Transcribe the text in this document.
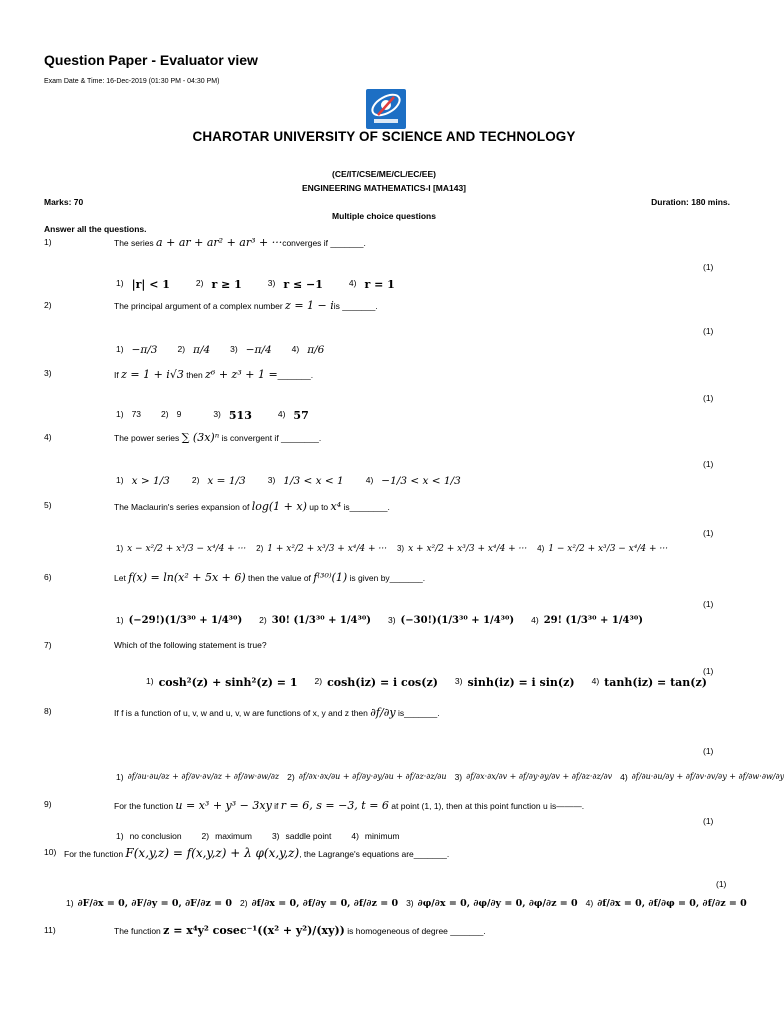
Question Paper - Evaluator view
Exam Date & Time: 16-Dec-2019 (01:30 PM - 04:30 PM)
CHAROTAR UNIVERSITY OF SCIENCE AND TECHNOLOGY
(CE/IT/CSE/ME/CL/EC/EE)
ENGINEERING MATHEMATICS-I [MA143]
Marks: 70	Duration: 180 mins.
Multiple choice questions
Answer all the questions.
1)	The series a + ar + ar² + ar³ + ···converges if _______.
(1)
1) |r| < 1	2) r ≥ 1	3) r ≤ −1	4) r = 1
2)	The principal argument of a complex number z = 1 − iis _______.
(1)
1) −π/3 2) π/4 3) −π/4 4) π/6
3)	If z = 1 + i√3 then z⁶ + z³ + 1 =_______.
(1)
1) 73 2) 9	3) 513	4) 57
4)	The power series ∑ (3x)ⁿ is convergent if ________.
(1)
1) x > 1/3	2) x = 1/3	3) 1/3 < x < 1	4) −1/3 < x < 1/3
5)	The Maclaurin's series expansion of log(1 + x) up to x⁴ is________.
(1)
1) x − x²/2 + x³/3 − x⁴/4 + ··· 2) 1 + x²/2 + x³/3 + x⁴/4 + ··· 3) x + x²/2 + x³/3 + x⁴/4 + ··· 4) 1 − x²/2 + x³/3 − x⁴/4 + ···
6)	Let f(x) = ln(x² + 5x + 6) then the value of f⁽³⁰⁾(1) is given by_______.
(1)
1) (−29!)(1/3³⁰ + 1/4³⁰) 2) 30! (1/3³⁰ + 1/4³⁰) 3) (−30!)(1/3³⁰ + 1/4³⁰) 4) 29! (1/3³⁰ + 1/4³⁰)
7)	Which of the following statement is true?
(1)
1) cosh²(z) + sinh²(z) = 1 2) cosh(iz) = i cos(z) 3) sinh(iz) = i sin(z) 4) tanh(iz) = tan(z)
8)	If f is a function of u, v, w and u, v, w are functions of x, y and z then ∂f/∂y is_______.
(1)
1) ∂f/∂u·∂u/∂z + ∂f/∂v·∂v/∂z + ∂f/∂w·∂w/∂z 2) ∂f/∂x·∂x/∂u + ∂f/∂y·∂y/∂u + ∂f/∂z·∂z/∂u 3) ∂f/∂x·∂x/∂v + ∂f/∂y·∂y/∂v + ∂f/∂z·∂z/∂v 4) ∂f/∂u·∂u/∂y + ∂f/∂v·∂v/∂y + ∂f/∂w·∂w/∂y
9)	For the function u = x³ + y³ − 3xy if r = 6, s = −3, t = 6 at point (1, 1), then at this point function u is———.
(1)
1) no conclusion 2) maximum 3) saddle point 4) minimum
10) For the function F(x,y,z) = f(x,y,z) + λ φ(x,y,z), the Lagrange's equations are_______.
(1)
1) ∂F/∂x = 0, ∂F/∂y = 0, ∂F/∂z = 0 2) ∂f/∂x = 0, ∂f/∂y = 0, ∂f/∂z = 0 3) ∂φ/∂x = 0, ∂φ/∂y = 0, ∂φ/∂z = 0 4) ∂f/∂x = 0, ∂f/∂φ = 0, ∂f/∂z = 0
11)	The function z = x⁴y² cosec⁻¹((x² + y²)/(xy)) is homogeneous of degree _______.
